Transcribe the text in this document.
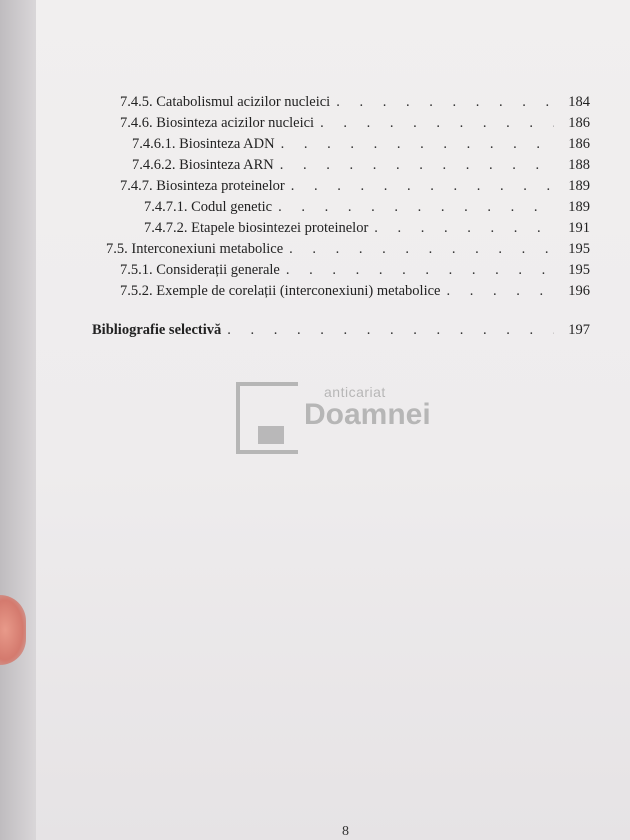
7.4.5. Catabolismul acizilor nucleici . . .	184
7.4.6. Biosinteza acizilor nucleici . . .	186
7.4.6.1. Biosinteza ADN . . .	186
7.4.6.2. Biosinteza ARN . . .	188
7.4.7. Biosinteza proteinelor . . .	189
7.4.7.1. Codul genetic . . .	189
7.4.7.2. Etapele biosintezei proteinelor . . .	191
7.5. Interconexiuni metabolice . . .	195
7.5.1. Considerații generale . . .	195
7.5.2. Exemple de corelații (interconexiuni) metabolice . . .	196
Bibliografie selectivă . . .	197
anticariat
Doamnei
8
